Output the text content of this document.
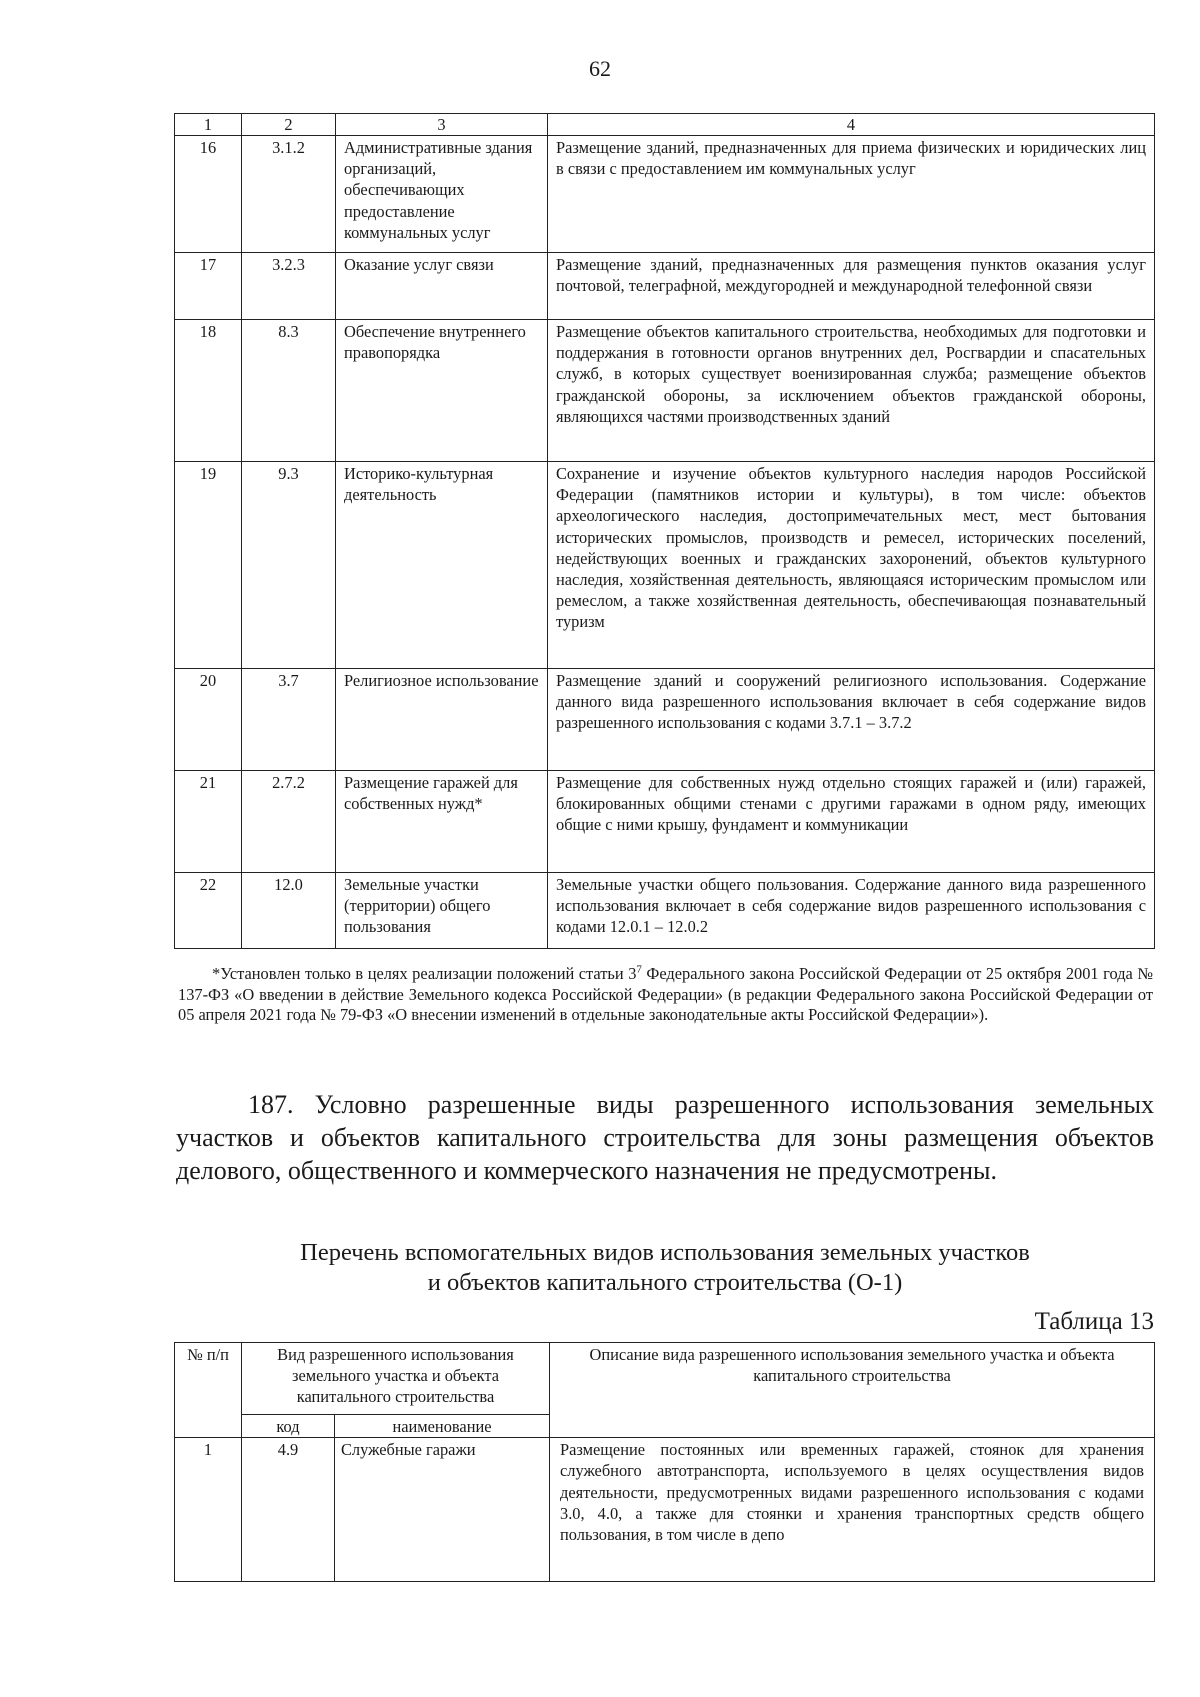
62
1	2	3	4
16	3.1.2	Административные здания организаций, обеспечивающих предоставление коммунальных услуг	Размещение зданий, предназначенных для приема физических и юридических лиц в связи с предоставлением им коммунальных услуг
17	3.2.3	Оказание услуг связи	Размещение зданий, предназначенных для размещения пунктов оказания услуг почтовой, телеграфной, междугородней и международной телефонной связи
18	8.3	Обеспечение внутреннего правопорядка	Размещение объектов капитального строительства, необходимых для подготовки и поддержания в готовности органов внутренних дел, Росгвардии и спасательных служб, в которых существует военизированная служба; размещение объектов гражданской обороны, за исключением объектов гражданской обороны, являющихся частями производственных зданий
19	9.3	Историко-культурная деятельность	Сохранение и изучение объектов культурного наследия народов Российской Федерации (памятников истории и культуры), в том числе: объектов археологического наследия, достопримечательных мест, мест бытования исторических промыслов, производств и ремесел, исторических поселений, недействующих военных и гражданских захоронений, объектов культурного наследия, хозяйственная деятельность, являющаяся историческим промыслом или ремеслом, а также хозяйственная деятельность, обеспечивающая познавательный туризм
20	3.7	Религиозное использование	Размещение зданий и сооружений религиозного использования. Содержание данного вида разрешенного использования включает в себя содержание видов разрешенного использования с кодами 3.7.1 – 3.7.2
21	2.7.2	Размещение гаражей для собственных нужд*	Размещение для собственных нужд отдельно стоящих гаражей и (или) гаражей, блокированных общими стенами с другими гаражами в одном ряду, имеющих общие с ними крышу, фундамент и коммуникации
22	12.0	Земельные участки (территории) общего пользования	Земельные участки общего пользования. Содержание данного вида разрешенного использования включает в себя содержание видов разрешенного использования с кодами 12.0.1 – 12.0.2

*Установлен только в целях реализации положений статьи $3^7$ Федерального закона Российской Федерации от 25 октября 2001 года № 137-ФЗ «О введении в действие Земельного кодекса Российской Федерации» (в редакции Федерального закона Российской Федерации от 05 апреля 2021 года № 79-ФЗ «О внесении изменений в отдельные законодательные акты Российской Федерации»).

187. Условно разрешенные виды разрешенного использования земельных участков и объектов капитального строительства для зоны размещения объектов делового, общественного и коммерческого назначения не предусмотрены.

Перечень вспомогательных видов использования земельных участков
и объектов капитального строительства (О-1)
Таблица 13
№ п/п	Вид разрешенного использования земельного участка и объекта капитального строительства		Описание вида разрешенного использования земельного участка и объекта капитального строительства
	код	наименование	
1	4.9	Служебные гаражи	Размещение постоянных или временных гаражей, стоянок для хранения служебного автотранспорта, используемого в целях осуществления видов деятельности, предусмотренных видами разрешенного использования с кодами 3.0, 4.0, а также для стоянки и хранения транспортных средств общего пользования, в том числе в депо
